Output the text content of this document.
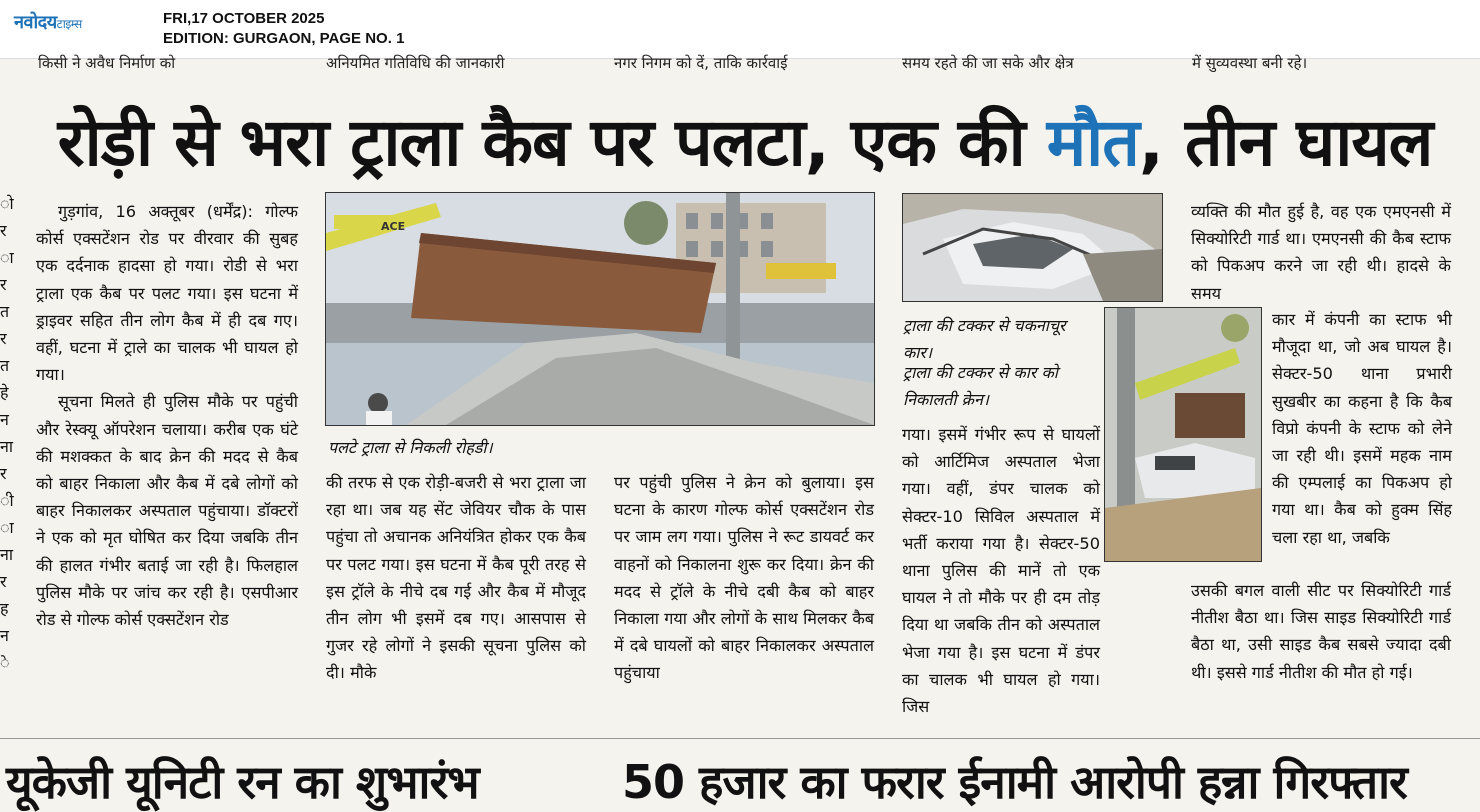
नवोदयटाइम्स	FRI,17 OCTOBER 2025
EDITION: GURGAON, PAGE NO. 1
किसी ने अवैध निर्माण को	अनियमित गतिविधि की जानकारी	नगर निगम को दें, ताकि कार्रवाई	समय रहते की जा सके और क्षेत्र	में सुव्यवस्था बनी रहे।
ो
र
ा
र
त
र
त
हे
न
ना
र
ी
ा
ना
र
ह
न
े
रोड़ी से भरा ट्राला कैब पर पलटा, एक की मौत, तीन घायल

गुड़गांव, 16 अक्तूबर (धर्मेंद्र): गोल्फ कोर्स एक्सटेंशन रोड पर वीरवार की सुबह एक दर्दनाक हादसा हो गया। रोडी से भरा ट्राला एक कैब पर पलट गया। इस घटना में ड्राइवर सहित तीन लोग कैब में ही दब गए। वहीं, घटना में ट्राले का चालक भी घायल हो गया।

सूचना मिलते ही पुलिस मौके पर पहुंची और रेस्क्यू ऑपरेशन चलाया। करीब एक घंटे की मशक्कत के बाद क्रेन की मदद से कैब को बाहर निकाला और कैब में दबे लोगों को बाहर निकालकर अस्पताल पहुंचाया। डॉक्टरों ने एक को मृत घोषित कर दिया जबकि तीन की हालत गंभीर बताई जा रही है। फिलहाल पुलिस मौके पर जांच कर रही है। एसपीआर रोड से गोल्फ कोर्स एक्सटेंशन रोड

ACE
पलटे ट्राला से निकली रोहडी।

की तरफ से एक रोड़ी-बजरी से भरा ट्राला जा रहा था। जब यह सेंट जेवियर चौक के पास पहुंचा तो अचानक अनियंत्रित होकर एक कैब पर पलट गया। इस घटना में कैब पूरी तरह से इस ट्रॉले के नीचे दब गई और कैब में मौजूद तीन लोग भी इसमें दब गए। आसपास से गुजर रहे लोगों ने इसकी सूचना पुलिस को दी। मौके

पर पहुंची पुलिस ने क्रेन को बुलाया। इस घटना के कारण गोल्फ कोर्स एक्सटेंशन रोड पर जाम लग गया। पुलिस ने रूट डायवर्ट कर वाहनों को निकालना शुरू कर दिया। क्रेन की मदद से ट्रॉले के नीचे दबी कैब को बाहर निकाला गया और लोगों के साथ मिलकर कैब में दबे घायलों को बाहर निकालकर अस्पताल पहुंचाया

ट्राला की टक्कर से चकनाचूर कार।
ट्राला की टक्कर से कार को निकालती क्रेन।

गया। इसमें गंभीर रूप से घायलों को आर्टिमिज अस्पताल भेजा गया। वहीं, डंपर चालक को सेक्टर-10 सिविल अस्पताल में भर्ती कराया गया है। सेक्टर-50 थाना पुलिस की मानें तो एक घायल ने तो मौके पर ही दम तोड़ दिया था जबकि तीन को अस्पताल भेजा गया है। इस घटना में डंपर का चालक भी घायल हो गया। जिस

व्यक्ति की मौत हुई है, वह एक एमएनसी में सिक्योरिटी गार्ड था। एमएनसी की कैब स्टाफ को पिकअप करने जा रही थी। हादसे के समय

कार में कंपनी का स्टाफ भी मौजूदा था, जो अब घायल है। सेक्टर-50 थाना प्रभारी सुखबीर का कहना है कि कैब विप्रो कंपनी के स्टाफ को लेने जा रही थी। इसमें महक नाम की एम्पलाई का पिकअप हो गया था। कैब को हुक्म सिंह चला रहा था, जबकि

उसकी बगल वाली सीट पर सिक्योरिटी गार्ड नीतीश बैठा था। जिस साइड सिक्योरिटी गार्ड बैठा था, उसी साइड कैब सबसे ज्यादा दबी थी। इससे गार्ड नीतीश की मौत हो गई।

यूकेजी यूनिटी रन का शुभारंभ	50 हजार का फरार ईनामी आरोपी हन्ना गिरफ्तार
